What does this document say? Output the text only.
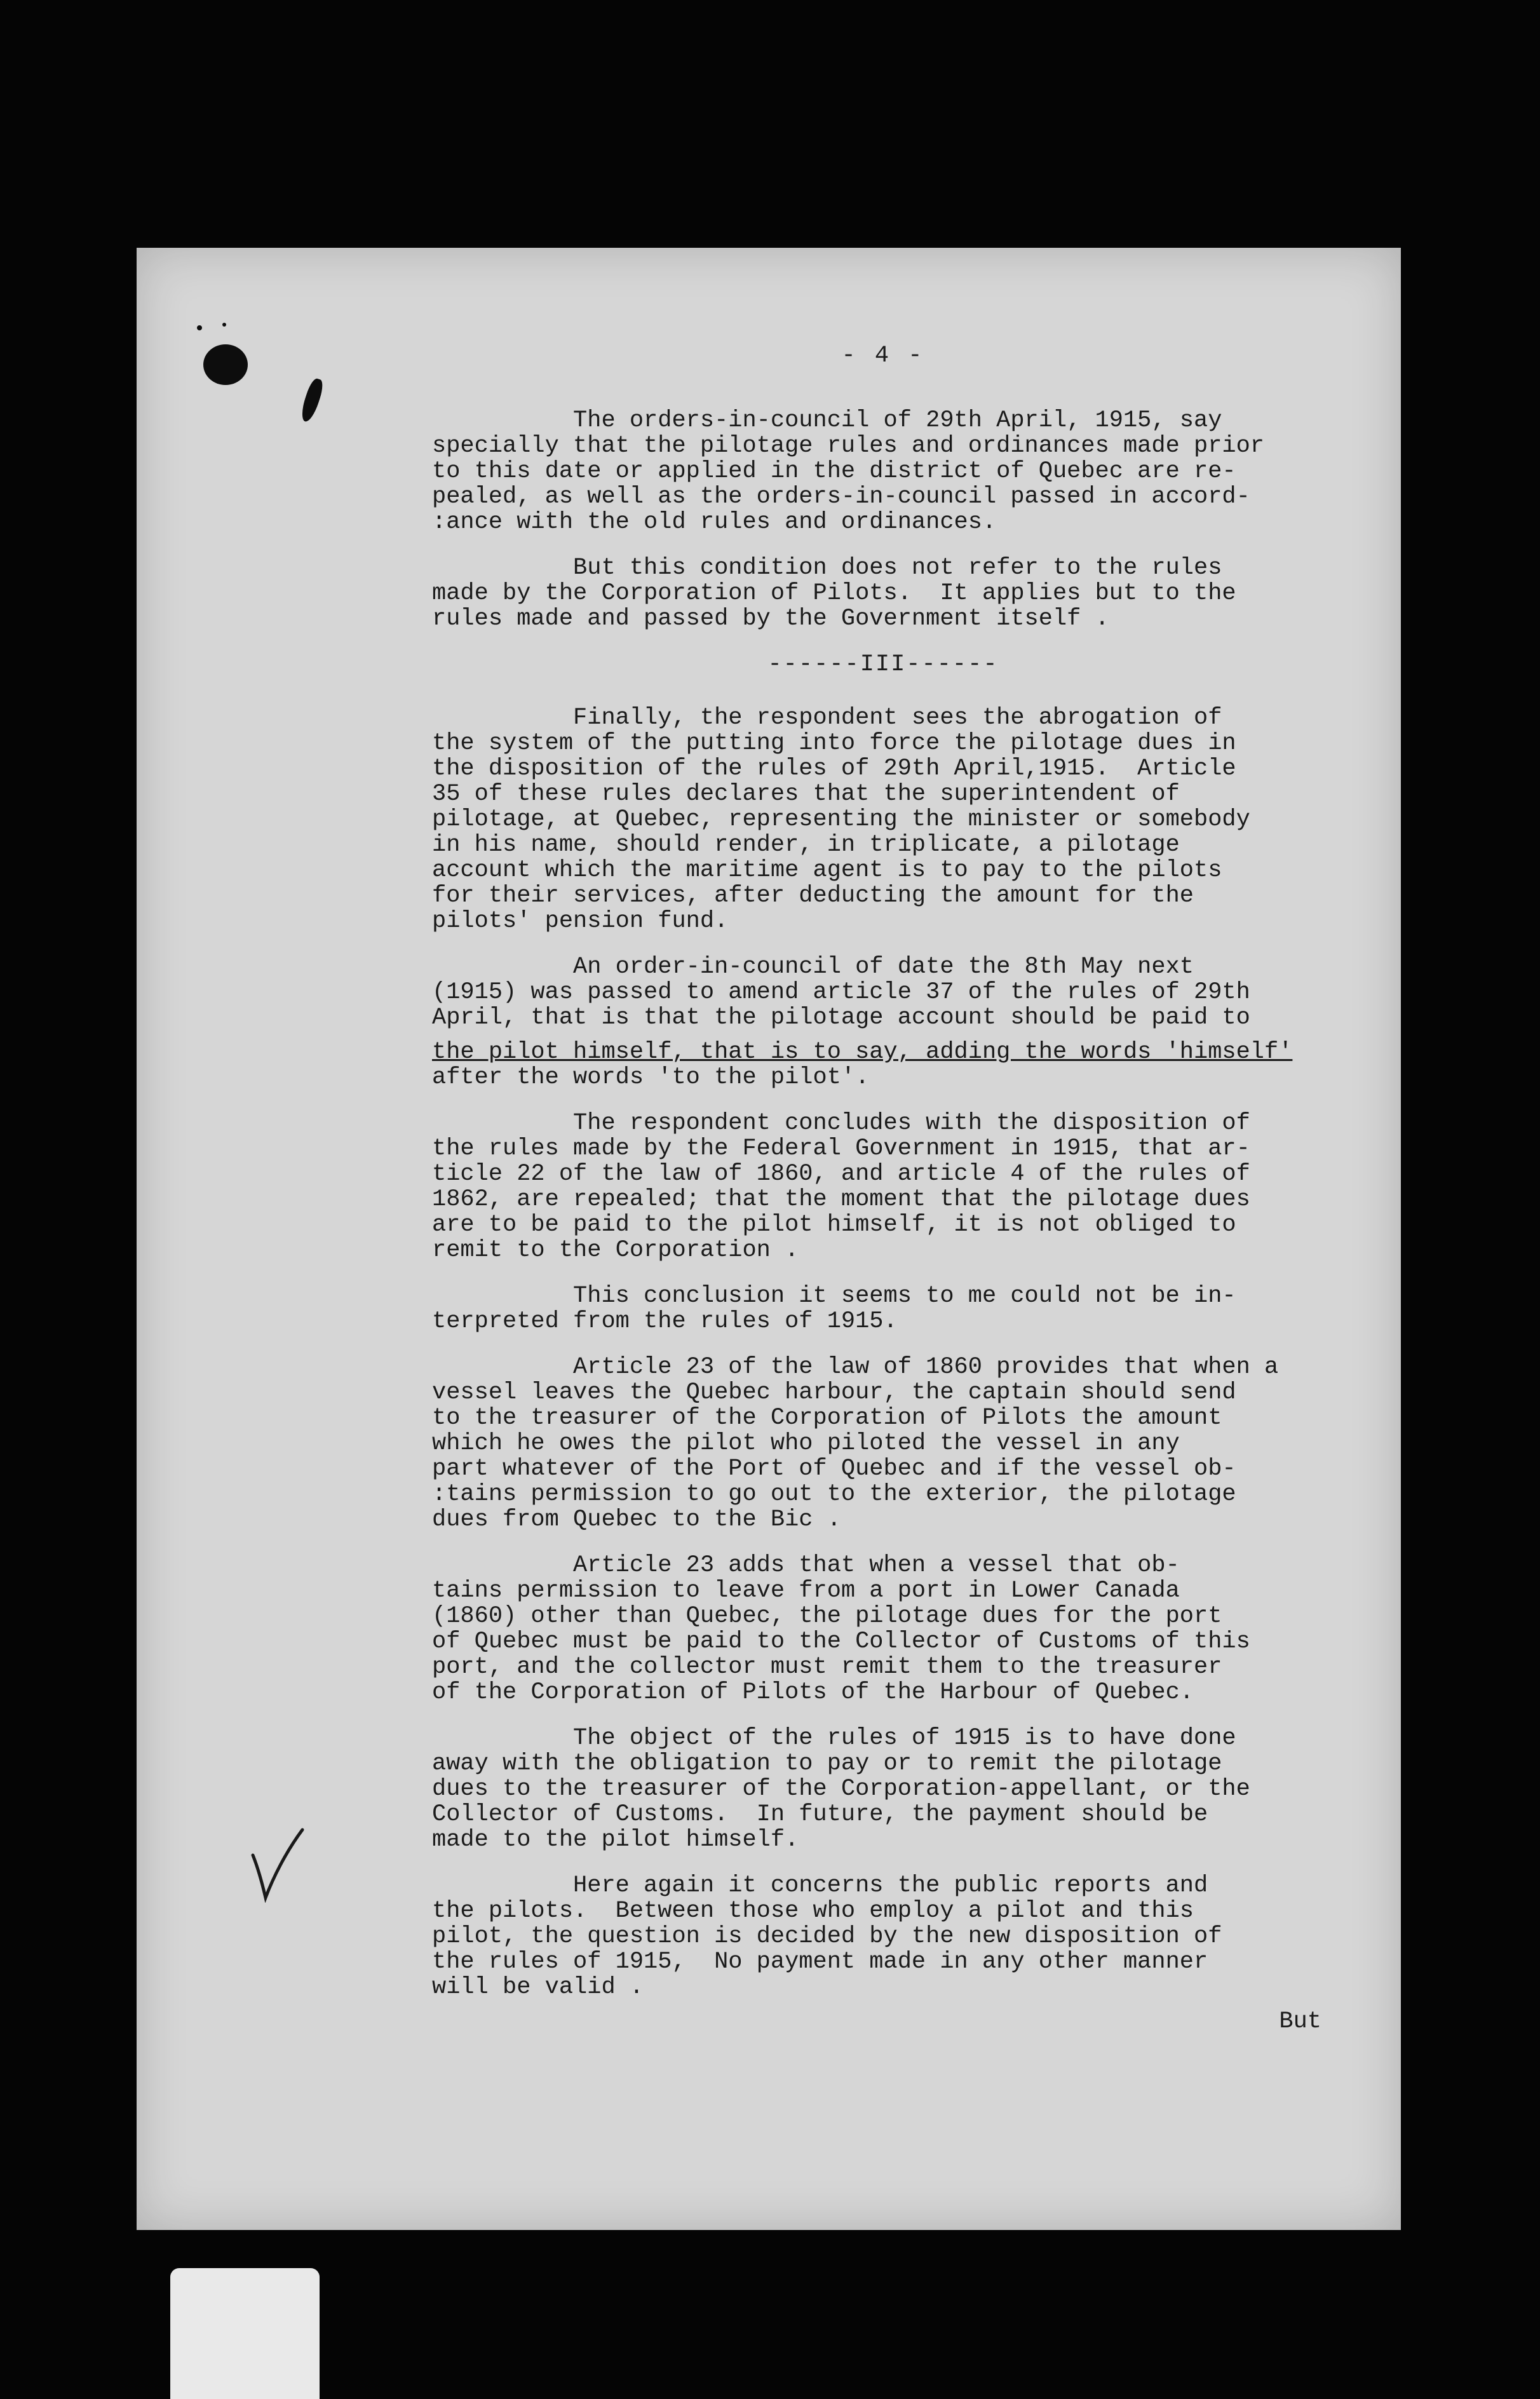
- 4 -
The orders-in-council of 29th April, 1915, say
specially that the pilotage rules and ordinances made prior
to this date or applied in the district of Quebec are re-
pealed, as well as the orders-in-council passed in accord-
:ance with the old rules and ordinances.
But this condition does not refer to the rules
made by the Corporation of Pilots.  It applies but to the
rules made and passed by the Government itself .
------III------
Finally, the respondent sees the abrogation of
the system of the putting into force the pilotage dues in
the disposition of the rules of 29th April,1915.  Article
35 of these rules declares that the superintendent of
pilotage, at Quebec, representing the minister or somebody
in his name, should render, in triplicate, a pilotage
account which the maritime agent is to pay to the pilots
for their services, after deducting the amount for the
pilots' pension fund.
An order-in-council of date the 8th May next
(1915) was passed to amend article 37 of the rules of 29th
April, that is that the pilotage account should be paid to
the pilot himself, that is to say, adding the words 'himself'
after the words 'to the pilot'.
The respondent concludes with the disposition of
the rules made by the Federal Government in 1915, that ar-
ticle 22 of the law of 1860, and article 4 of the rules of
1862, are repealed; that the moment that the pilotage dues
are to be paid to the pilot himself, it is not obliged to
remit to the Corporation .
This conclusion it seems to me could not be in-
terpreted from the rules of 1915.
Article 23 of the law of 1860 provides that when a
vessel leaves the Quebec harbour, the captain should send
to the treasurer of the Corporation of Pilots the amount
which he owes the pilot who piloted the vessel in any
part whatever of the Port of Quebec and if the vessel ob-
:tains permission to go out to the exterior, the pilotage
dues from Quebec to the Bic .
Article 23 adds that when a vessel that ob-
tains permission to leave from a port in Lower Canada
(1860) other than Quebec, the pilotage dues for the port
of Quebec must be paid to the Collector of Customs of this
port, and the collector must remit them to the treasurer
of the Corporation of Pilots of the Harbour of Quebec.
The object of the rules of 1915 is to have done
away with the obligation to pay or to remit the pilotage
dues to the treasurer of the Corporation-appellant, or the
Collector of Customs.  In future, the payment should be
made to the pilot himself.
Here again it concerns the public reports and
the pilots.  Between those who employ a pilot and this
pilot, the question is decided by the new disposition of
the rules of 1915,  No payment made in any other manner
will be valid .
But
